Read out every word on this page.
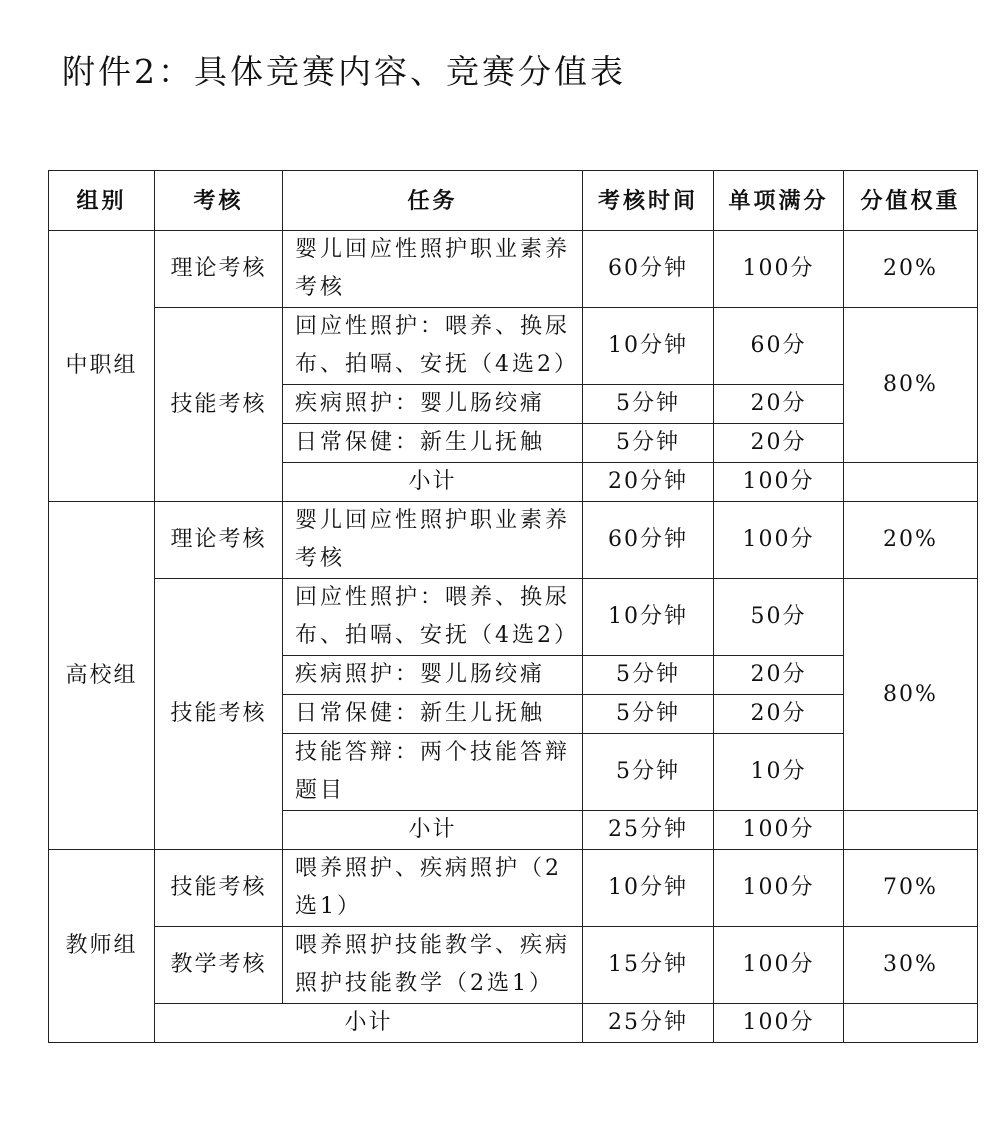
附件2：具体竞赛内容、竞赛分值表
组别	考核	任务	考核时间	单项满分	分值权重
中职组	理论考核	婴儿回应性照护职业素养考核	60分钟	100分	20%
	技能考核	回应性照护：喂养、换尿布、拍嗝、安抚（4选2）	10分钟	60分	80%
		疾病照护：婴儿肠绞痛	5分钟	20分	
		日常保健：新生儿抚触	5分钟	20分	
		小计	20分钟	100分	
高校组	理论考核	婴儿回应性照护职业素养考核	60分钟	100分	20%
	技能考核	回应性照护：喂养、换尿布、拍嗝、安抚（4选2）	10分钟	50分	80%
		疾病照护：婴儿肠绞痛	5分钟	20分	
		日常保健：新生儿抚触	5分钟	20分	
		技能答辩：两个技能答辩题目	5分钟	10分	
		小计	25分钟	100分	
教师组	技能考核	喂养照护、疾病照护（2选1）	10分钟	100分	70%
	教学考核	喂养照护技能教学、疾病照护技能教学（2选1）	15分钟	100分	30%
	小计		25分钟	100分	
